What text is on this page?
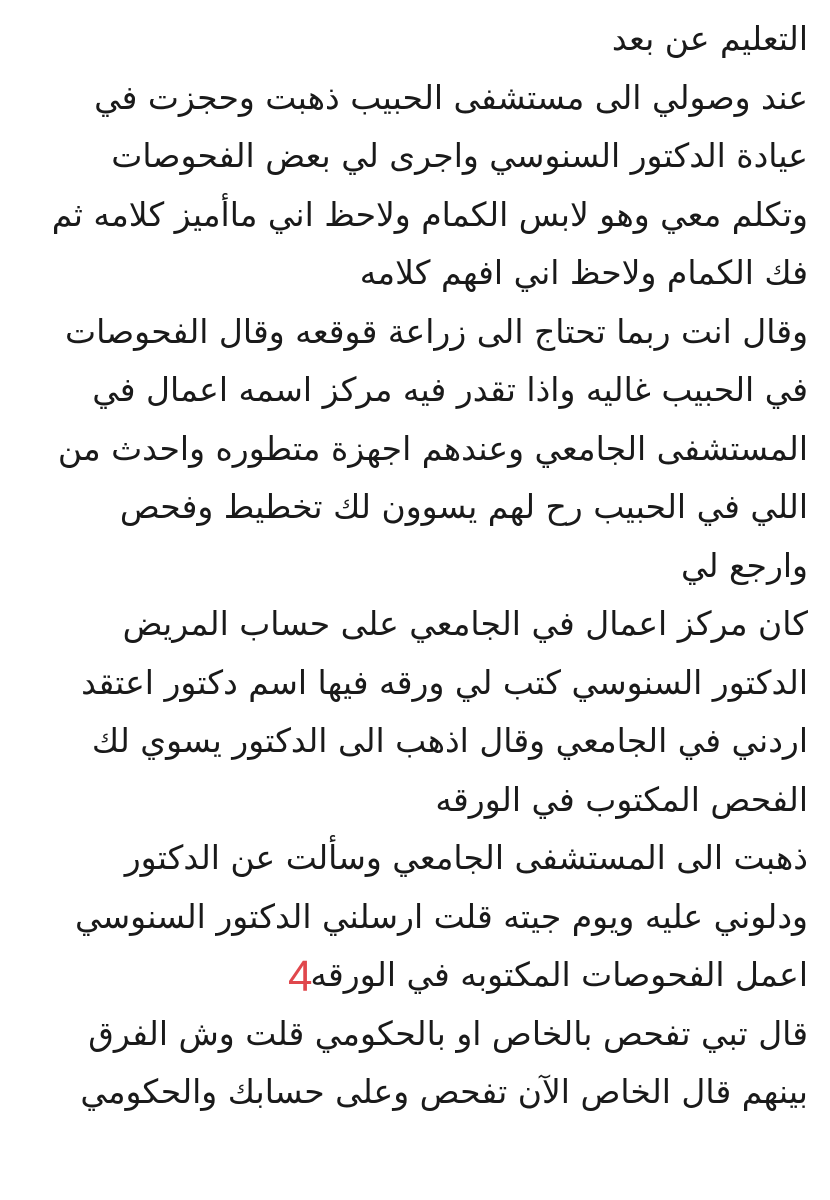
التعليم عن بعد
عند وصولي الى مستشفى الحبيب ذهبت وحجزت في
عيادة الدكتور السنوسي واجرى لي بعض الفحوصات
وتكلم معي وهو لابس الكمام ولاحظ اني ماأميز كلامه ثم
فك الكمام ولاحظ اني افهم كلامه
وقال انت ربما تحتاج الى زراعة قوقعه وقال الفحوصات
في الحبيب غاليه واذا تقدر فيه مركز اسمه اعمال في
المستشفى الجامعي وعندهم اجهزة متطوره واحدث من
اللي في الحبيب رح لهم يسوون لك تخطيط وفحص
وارجع لي
كان مركز اعمال في الجامعي على حساب المريض
الدكتور السنوسي كتب لي ورقه فيها اسم دكتور اعتقد
اردني في الجامعي وقال اذهب الى الدكتور يسوي لك
الفحص المكتوب في الورقه
ذهبت الى المستشفى الجامعي وسألت عن الدكتور
ودلوني عليه ويوم جيته قلت ارسلني الدكتور السنوسي
اعمل الفحوصات المكتوبه في الورقه
قال تبي تفحص بالخاص او بالحكومي قلت وش الفرق
بينهم قال الخاص الآن تفحص وعلى حسابك والحكومي
4
